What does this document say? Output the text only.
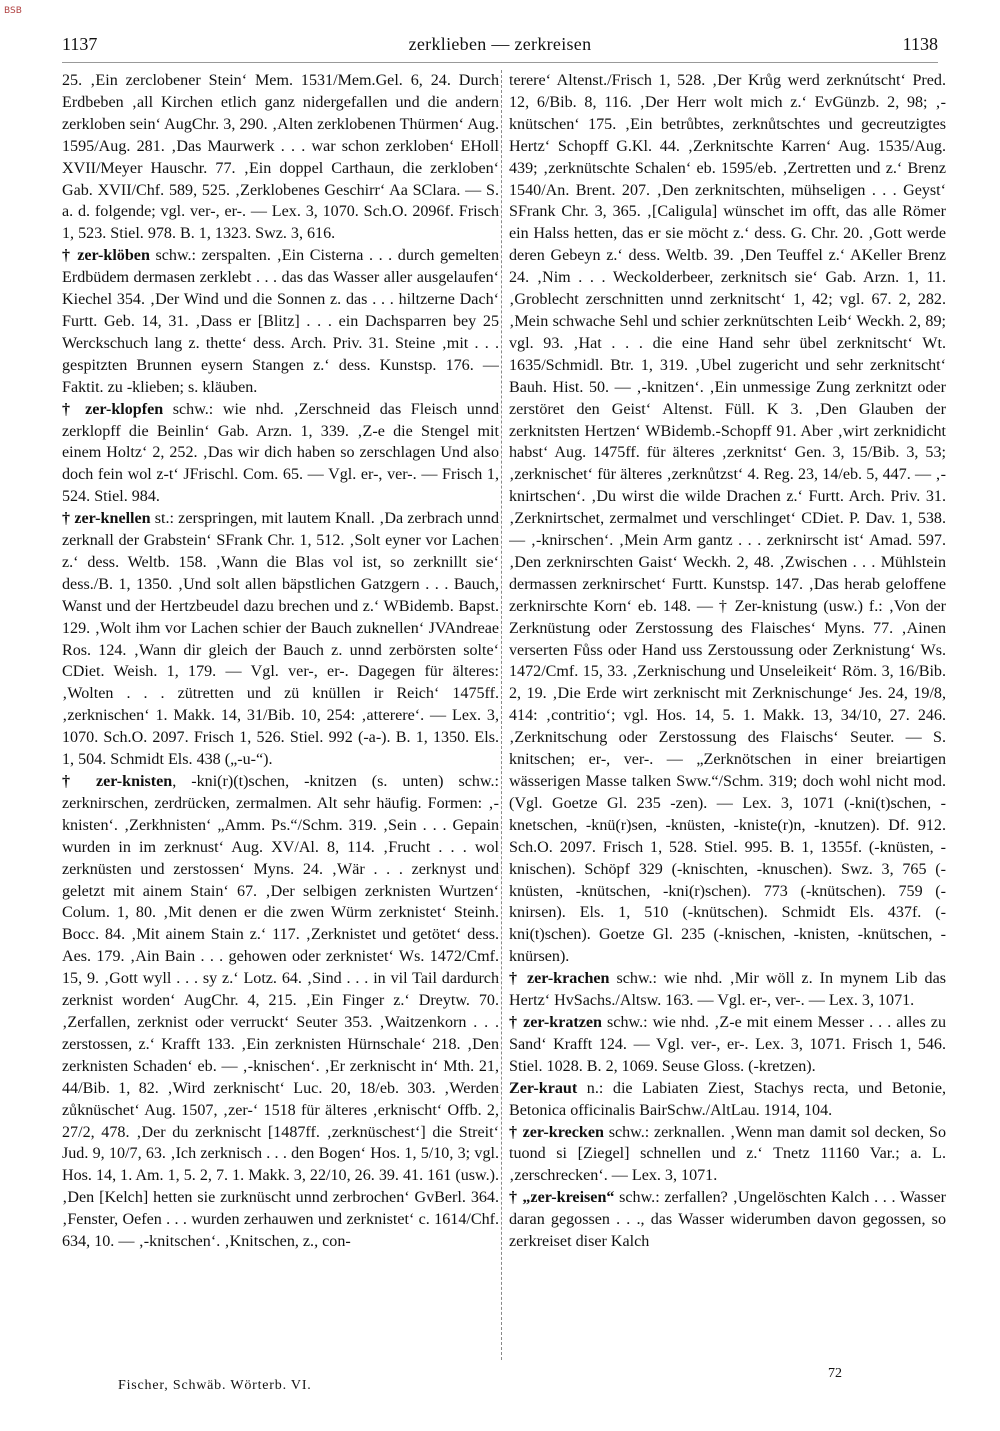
BSB
1137	zerklieben — zerkreisen	1138

25. ‚Ein zercl​obener Stein‘ Mem. 1531/Mem.Gel. 6, 24. Durch Erdbeben ‚all Kirchen etlich ganz nidergefallen und die andern zerkloben sein‘ AugChr. 3, 290. ‚Alten zerklobenen Thürmen‘ Aug. 1595/Aug. 281. ‚Das Maurwerk . . . war schon zerkloben‘ EHoll XVII/Meyer Hauschr. 77. ‚Ein doppel Carthaun, die zerkloben‘ Gab. XVII/Chf. 589, 525. ‚Zerklobenes Geschirr‘ Aa SClara. — S. a. d. folgende; vgl. ver-, er-. — Lex. 3, 1070. Sch.O. 2096f. Frisch 1, 523. Stiel. 978. B. 1, 1323. Swz. 3, 616.

† zer-klöben schw.: zerspalten. ‚Ein Cisterna . . . durch gemelten Erdbüdem dermasen zerklebt . . . das das Wasser aller ausgelaufen‘ Kiechel 354. ‚Der Wind und die Sonnen z. das . . . hiltzerne Dach‘ Furtt. Geb. 14, 31. ‚Dass er [Blitz] . . . ein Dachsparren bey 25 Werckschuch lang z. thette‘ dess. Arch. Priv. 31. Steine ‚mit . . . gespitzten Brunnen eysern Stangen z.‘ dess. Kunstsp. 176. — Faktit. zu -klieben; s. kläuben.

† zer-klopfen schw.: wie nhd. ‚Zerschneid das Fleisch unnd zerklopff die Beinlin‘ Gab. Arzn. 1, 339. ‚Z-e die Stengel mit einem Holtz‘ 2, 252. ‚Das wir dich haben so zerschlagen Und also doch fein wol z-t‘ JFrischl. Com. 65. — Vgl. er-, ver-. — Frisch 1, 524. Stiel. 984.

† zer-knellen st.: zerspringen, mit lautem Knall. ‚Da zerbrach unnd zerknall der Grabstein‘ SFrank Chr. 1, 512. ‚Solt eyner vor Lachen z.‘ dess. Weltb. 158. ‚Wann die Blas vol ist, so zerknillt sie‘ dess./B. 1, 1350. ‚Und solt allen bäpstlichen Gatzgern . . . Bauch, Wanst und der Hertzbeudel dazu brechen und z.‘ WBidemb. Bapst. 129. ‚Wolt ihm vor Lachen schier der Bauch zuknellen‘ JVAndreae Ros. 124. ‚Wann dir gleich der Bauch z. unnd zerbörsten solte‘ CDiet. Weish. 1, 179. — Vgl. ver-, er-. Dagegen für älteres: ‚Wolten . . . zütretten und zü knüllen ir Reich‘ 1475ff. ‚zerknischen‘ 1. Makk. 14, 31/Bib. 10, 254: ‚atterere‘. — Lex. 3, 1070. Sch.O. 2097. Frisch 1, 526. Stiel. 992 (-a-). B. 1, 1350. Els. 1, 504. Schmidt Els. 438 („-u-“).

† zer-knisten, -kni(r)(t)schen, -knitzen (s. unten) schw.: zerknirschen, zerdrücken, zermalmen. Alt sehr häufig. Formen: ‚-knisten‘. ‚Zerkhnisten‘ „Amm. Ps.“/Schm. 319. ‚Sein . . . Gepain wurden in im zerknust‘ Aug. XV/Al. 8, 114. ‚Frucht . . . wol zerknüsten und zerstossen‘ Myns. 24. ‚Wär . . . zerknyst und geletzt mit ainem Stain‘ 67. ‚Der selbigen zerknisten Wurtzen‘ Colum. 1, 80. ‚Mit denen er die zwen Würm zerknistet‘ Steinh. Bocc. 84. ‚Mit ainem Stain z.‘ 117. ‚Zerknistet und getötet‘ dess. Aes. 179. ‚Ain Bain . . . gehowen oder zerknistet‘ Ws. 1472/Cmf. 15, 9. ‚Gott wyll . . . sy z.‘ Lotz. 64. ‚Sind . . . in vil Tail dardurch zerknist worden‘ AugChr. 4, 215. ‚Ein Finger z.‘ Dreytw. 70. ‚Zerfallen, zerknist oder verruckt‘ Seuter 353. ‚Waitzenkorn . . . zerstossen, z.‘ Krafft 133. ‚Ein zerknisten Hürnschale‘ 218. ‚Den zerknisten Schaden‘ eb. — ‚-knischen‘. ‚Er zerknischt in‘ Mth. 21, 44/Bib. 1, 82. ‚Wird zerknischt‘ Luc. 20, 18/eb. 303. ‚Werden zůknüschet‘ Aug. 1507, ‚zer-‘ 1518 für älteres ‚erknischt‘ Offb. 2, 27/2, 478. ‚Der du zerknischt [1487ff. ‚zerknüschest‘] die Streit‘ Jud. 9, 10/7, 63. ‚Ich zerknisch . . . den Bogen‘ Hos. 1, 5/10, 3; vgl. Hos. 14, 1. Am. 1, 5. 2, 7. 1. Makk. 3, 22/10, 26. 39. 41. 161 (usw.). ‚Den [Kelch] hetten sie zurknüscht unnd zerbrochen‘ GvBerl. 364. ‚Fenster, Oefen . . . wurden zerhauwen und zerknistet‘ c. 1614/Chf. 634, 10. — ‚-knitschen‘. ‚Knitschen, z., con-

terere‘ Altenst./Frisch 1, 528. ‚Der Krůg werd zerknútscht‘ Pred. 12, 6/Bib. 8, 116. ‚Der Herr wolt mich z.‘ EvGünzb. 2, 98; ‚-knütschen‘ 175. ‚Ein betrůbtes, zerknůtschtes und gecreutzigtes Hertz‘ Schopff G.Kl. 44. ‚Zerknitschte Karren‘ Aug. 1535/Aug. 439; ‚zerknütschte Schalen‘ eb. 1595/eb. ‚Zertretten und z.‘ Brenz 1540/An. Brent. 207. ‚Den zerknitschten, mühseligen . . . Geyst‘ SFrank Chr. 3, 365. ‚[Caligula] wünschet im offt, das alle Römer ein Halss hetten, das er sie möcht z.‘ dess. G. Chr. 20. ‚Gott werde deren Gebeyn z.‘ dess. Weltb. 39. ‚Den Teuffel z.‘ AKeller Brenz 24. ‚Nim . . . Weckolderbeer, zerknitsch sie‘ Gab. Arzn. 1, 11. ‚Groblecht zerschnitten unnd zerknitscht‘ 1, 42; vgl. 67. 2, 282. ‚Mein schwache Sehl und schier zerknütschten Leib‘ Weckh. 2, 89; vgl. 93. ‚Hat . . . die eine Hand sehr übel zerknitscht‘ Wt. 1635/Schmidl. Btr. 1, 319. ‚Ubel zugericht und sehr zerknitscht‘ Bauh. Hist. 50. — ‚-knitzen‘. ‚Ein unmessige Zung zerknitzt oder zerstöret den Geist‘ Altenst. Füll. K 3. ‚Den Glauben der zerknitsten Hertzen‘ WBidemb.-Schopff 91. Aber ‚wirt zerknidicht habst‘ Aug. 1475ff. für älteres ‚zerknitst‘ Gen. 3, 15/Bib. 3, 53; ‚zerknischet‘ für älteres ‚zerknůtzst‘ 4. Reg. 23, 14/eb. 5, 447. — ‚-knirtschen‘. ‚Du wirst die wilde Drachen z.‘ Furtt. Arch. Priv. 31. ‚Zerknirtschet, zermalmet und verschlinget‘ CDiet. P. Dav. 1, 538. — ‚-knirschen‘. ‚Mein Arm gantz . . . zerknirscht ist‘ Amad. 597. ‚Den zerknirschten Gaist‘ Weckh. 2, 48. ‚Zwischen . . . Mühlstein dermassen zerknirschet‘ Furtt. Kunstsp. 147. ‚Das herab geloffene zerknirschte Korn‘ eb. 148. — † Zer-knistung (usw.) f.: ‚Von der Zerknüstung oder Zerstossung des Flaisches‘ Myns. 77. ‚Ainen verserten Fůss oder Hand uss Zerstoussung oder Zerknistung‘ Ws. 1472/Cmf. 15, 33. ‚Zerknischung und Unseleikeit‘ Röm. 3, 16/Bib. 2, 19. ‚Die Erde wirt zerknischt mit Zerknischunge‘ Jes. 24, 19/8, 414: ‚contritio‘; vgl. Hos. 14, 5. 1. Makk. 13, 34/10, 27. 246. ‚Zerknitschung oder Zerstossung des Flaischs‘ Seuter. — S. knitschen; er-, ver-. — „Zerknötschen in einer breiartigen wässerigen Masse talken Sww.“/Schm. 319; doch wohl nicht mod. (Vgl. Goetze Gl. 235 -zen). — Lex. 3, 1071 (-kni(t)schen, -knetschen, -knü(r)sen, -knüsten, -kniste(r)n, -knutzen). Df. 912. Sch.O. 2097. Frisch 1, 528. Stiel. 995. B. 1, 1355f. (-knüsten, -knischen). Schöpf 329 (-knischten, -knuschen). Swz. 3, 765 (-knüsten, -knütschen, -kni(r)schen). 773 (-knütschen). 759 (-knirsen). Els. 1, 510 (-knütschen). Schmidt Els. 437f. (-kni(t)schen). Goetze Gl. 235 (-knischen, -knisten, -knütschen, -knürsen).

† zer-krachen schw.: wie nhd. ‚Mir wöll z. In mynem Lib das Hertz‘ HvSachs./Altsw. 163. — Vgl. er-, ver-. — Lex. 3, 1071.

† zer-kratzen schw.: wie nhd. ‚Z-e mit einem Messer . . . alles zu Sand‘ Krafft 124. — Vgl. ver-, er-. Lex. 3, 1071. Frisch 1, 546. Stiel. 1028. B. 2, 1069. Seuse Gloss. (-kretzen).

Zer-kraut n.: die Labiaten Ziest, Stachys recta, und Betonie, Betonica officinalis BairSchw./AltLau. 1914, 104.

† zer-krecken schw.: zerknallen. ‚Wenn man damit sol decken, So tuond si [Ziegel] schnellen und z.‘ Tnetz 11160 Var.; a. L. ‚zerschrecken‘. — Lex. 3, 1071.

† „zer-kreisen“ schw.: zerfallen? ‚Ungelöschten Kalch . . . Wasser daran gegossen . . ., das Wasser widerumben davon gegossen, so zerkreiset diser Kalch

Fischer, Schwäb. Wörterb. VI.
72
